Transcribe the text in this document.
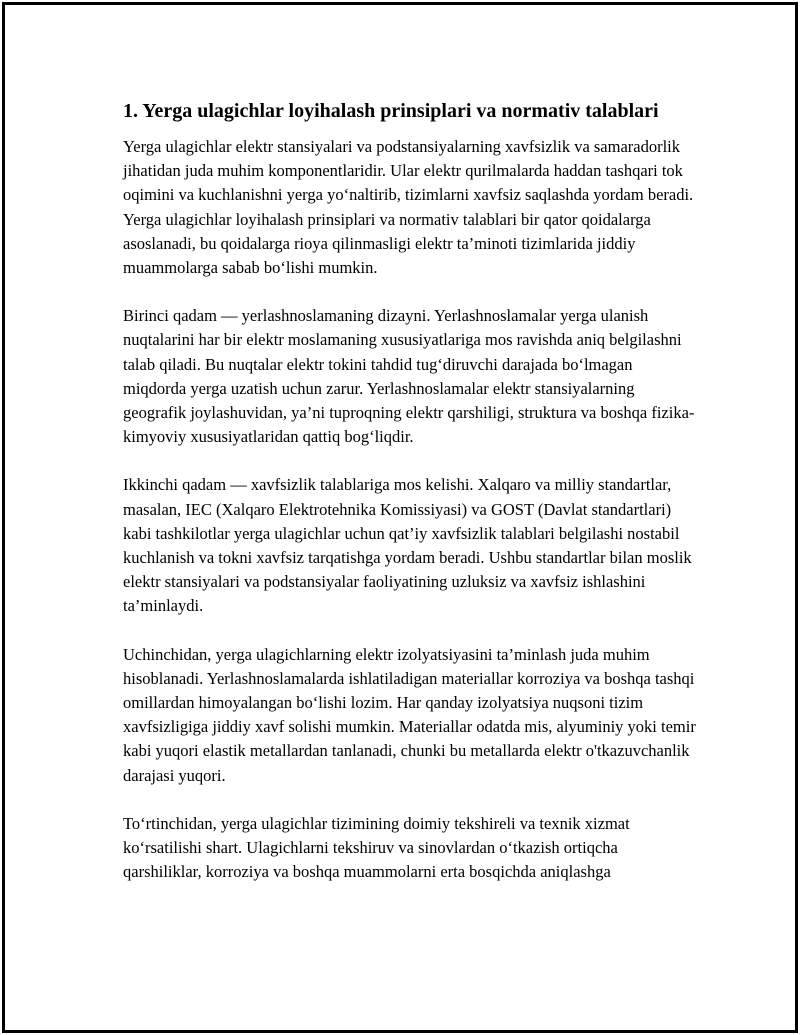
1. Yerga ulagichlar loyihalash prinsiplari va normativ talablari

Yerga ulagichlar elektr stansiyalari va podstansiyalarning xavfsizlik va samaradorlik jihatidan juda muhim komponentlaridir. Ular elektr qurilmalarda haddan tashqari tok oqimini va kuchlanishni yerga yo‘naltirib, tizimlarni xavfsiz saqlashda yordam beradi. Yerga ulagichlar loyihalash prinsiplari va normativ talablari bir qator qoidalarga asoslanadi, bu qoidalarga rioya qilinmasligi elektr ta’minoti tizimlarida jiddiy muammolarga sabab bo‘lishi mumkin.

Birinci qadam — yerlashnoslamaning dizayni. Yerlashnoslamalar yerga ulanish nuqtalarini har bir elektr moslamaning xususiyatlariga mos ravishda aniq belgilashni talab qiladi. Bu nuqtalar elektr tokini tahdid tug‘diruvchi darajada bo‘lmagan miqdorda yerga uzatish uchun zarur. Yerlashnoslamalar elektr stansiyalarning geografik joylashuvidan, ya’ni tuproqning elektr qarshiligi, struktura va boshqa fizika-kimyoviy xususiyatlaridan qattiq bog‘liqdir.

Ikkinchi qadam — xavfsizlik talablariga mos kelishi. Xalqaro va milliy standartlar, masalan, IEC (Xalqaro Elektrotehnika Komissiyasi) va GOST (Davlat standartlari) kabi tashkilotlar yerga ulagichlar uchun qat’iy xavfsizlik talablari belgilashi nostabil kuchlanish va tokni xavfsiz tarqatishga yordam beradi. Ushbu standartlar bilan moslik elektr stansiyalari va podstansiyalar faoliyatining uzluksiz va xavfsiz ishlashini ta’minlaydi.

Uchinchidan, yerga ulagichlarning elektr izolyatsiyasini ta’minlash juda muhim hisoblanadi. Yerlashnoslamalarda ishlatiladigan materiallar korroziya va boshqa tashqi omillardan himoyalangan bo‘lishi lozim. Har qanday izolyatsiya nuqsoni tizim xavfsizligiga jiddiy xavf solishi mumkin. Materiallar odatda mis, alyuminiy yoki temir kabi yuqori elastik metallardan tanlanadi, chunki bu metallarda elektr o'tkazuvchanlik darajasi yuqori.

To‘rtinchidan, yerga ulagichlar tizimining doimiy tekshireli va texnik xizmat ko‘rsatilishi shart. Ulagichlarni tekshiruv va sinovlardan o‘tkazish ortiqcha qarshiliklar, korroziya va boshqa muammolarni erta bosqichda aniqlashga
